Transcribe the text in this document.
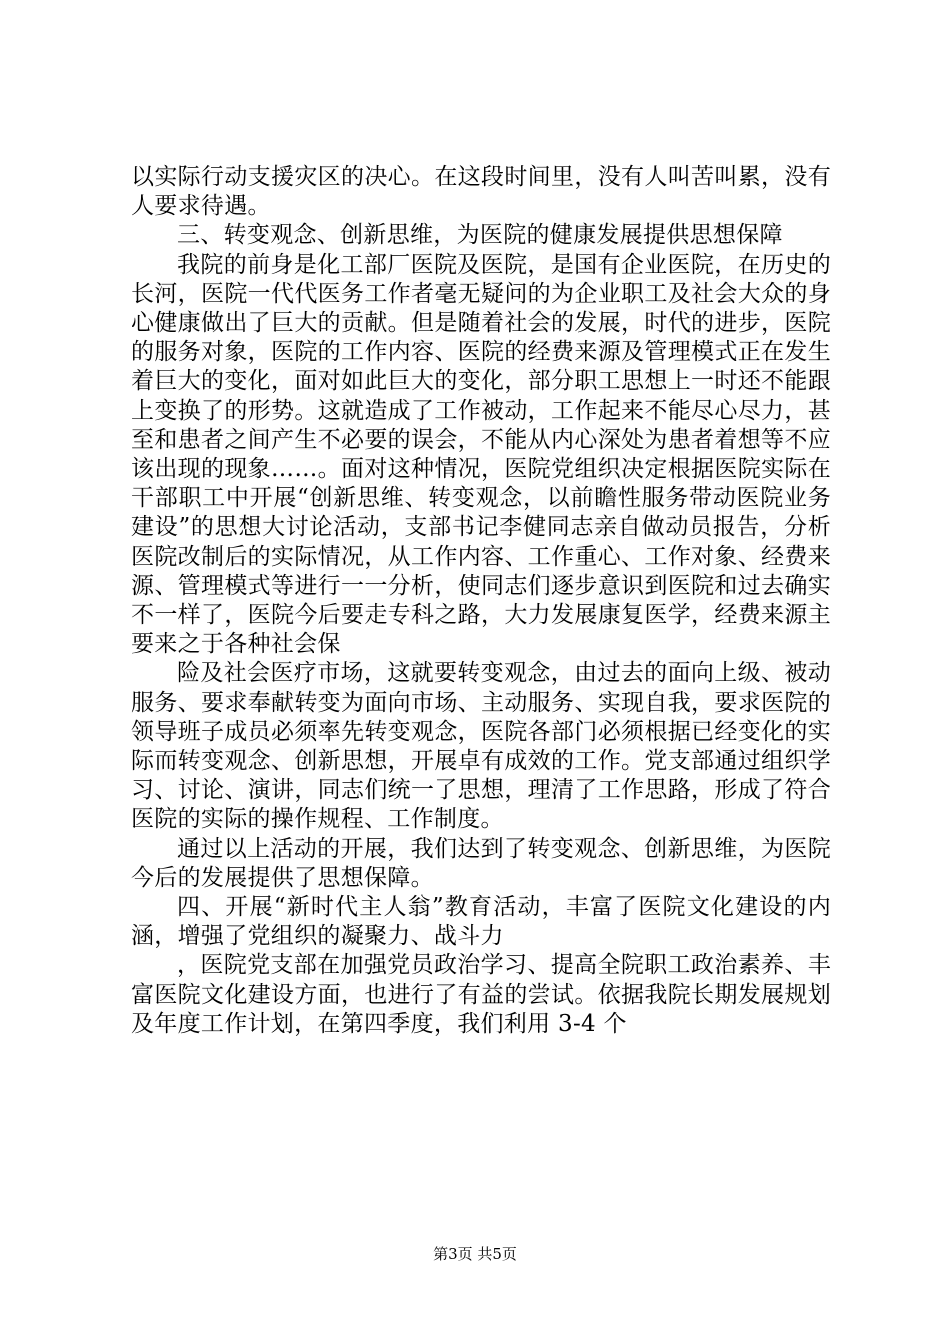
以实际行动支援灾区的决心。在这段时间里，没有人叫苦叫累，没有人要求待遇。

三、转变观念、创新思维，为医院的健康发展提供思想保障

我院的前身是化工部厂医院及医院，是国有企业医院，在历史的长河，医院一代代医务工作者毫无疑问的为企业职工及社会大众的身心健康做出了巨大的贡献。但是随着社会的发展，时代的进步，医院的服务对象，医院的工作内容、医院的经费来源及管理模式正在发生着巨大的变化，面对如此巨大的变化，部分职工思想上一时还不能跟上变换了的形势。这就造成了工作被动，工作起来不能尽心尽力，甚至和患者之间产生不必要的误会，不能从内心深处为患者着想等不应该出现的现象……。面对这种情况，医院党组织决定根据医院实际在干部职工中开展“创新思维、转变观念，以前瞻性服务带动医院业务建设”的思想大讨论活动，支部书记李健同志亲自做动员报告，分析医院改制后的实际情况，从工作内容、工作重心、工作对象、经费来源、管理模式等进行一一分析，使同志们逐步意识到医院和过去确实不一样了，医院今后要走专科之路，大力发展康复医学，经费来源主要来之于各种社会保

险及社会医疗市场，这就要转变观念，由过去的面向上级、被动服务、要求奉献转变为面向市场、主动服务、实现自我，要求医院的领导班子成员必须率先转变观念，医院各部门必须根据已经变化的实际而转变观念、创新思想，开展卓有成效的工作。党支部通过组织学习、讨论、演讲，同志们统一了思想，理清了工作思路，形成了符合医院的实际的操作规程、工作制度。

通过以上活动的开展，我们达到了转变观念、创新思维，为医院今后的发展提供了思想保障。

四、开展“新时代主人翁”教育活动，丰富了医院文化建设的内涵，增强了党组织的凝聚力、战斗力

，医院党支部在加强党员政治学习、提高全院职工政治素养、丰富医院文化建设方面，也进行了有益的尝试。依据我院长期发展规划及年度工作计划，在第四季度，我们利用 3-4 个

第3页 共5页
